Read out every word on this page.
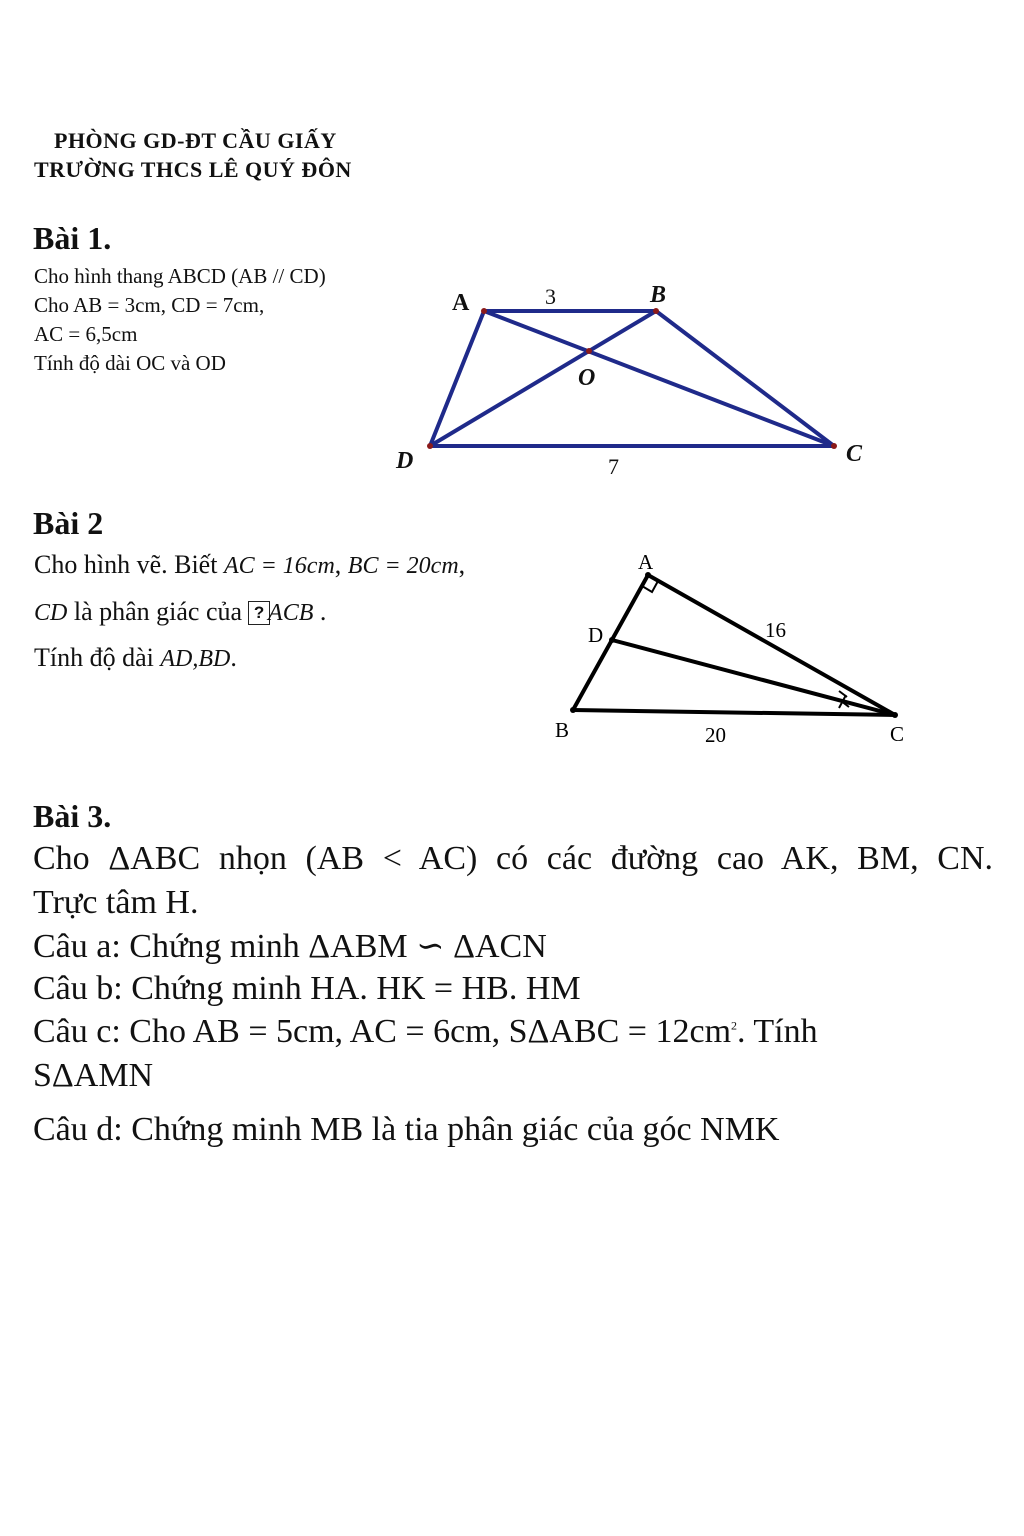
PHÒNG GD-ĐT CẦU GIẤY
TRƯỜNG THCS LÊ QUÝ ĐÔN
Bài 1.
Cho hình thang ABCD (AB // CD)
Cho AB = 3cm, CD = 7cm,
AC = 6,5cm
Tính độ dài OC và OD
A	B
C
D
O
3
7
Bài 2
Cho hình vẽ. Biết AC = 16cm, BC = 20cm,
CD là phân giác của ? ACB .
Tính độ dài AD,BD.
A
D
B	C
16
20
Bài 3.
Cho ΔABC nhọn (AB < AC) có các đường cao AK, BM, CN.
Trực tâm H.
Câu a: Chứng minh ΔABM ∽ ΔACN
Câu b: Chứng minh HA. HK = HB. HM
Câu c: Cho AB = 5cm, AC = 6cm, $S\Delta ABC = 12cm^2$. Tính
SΔAMN
Câu d: Chứng minh MB là tia phân giác của góc NMK
